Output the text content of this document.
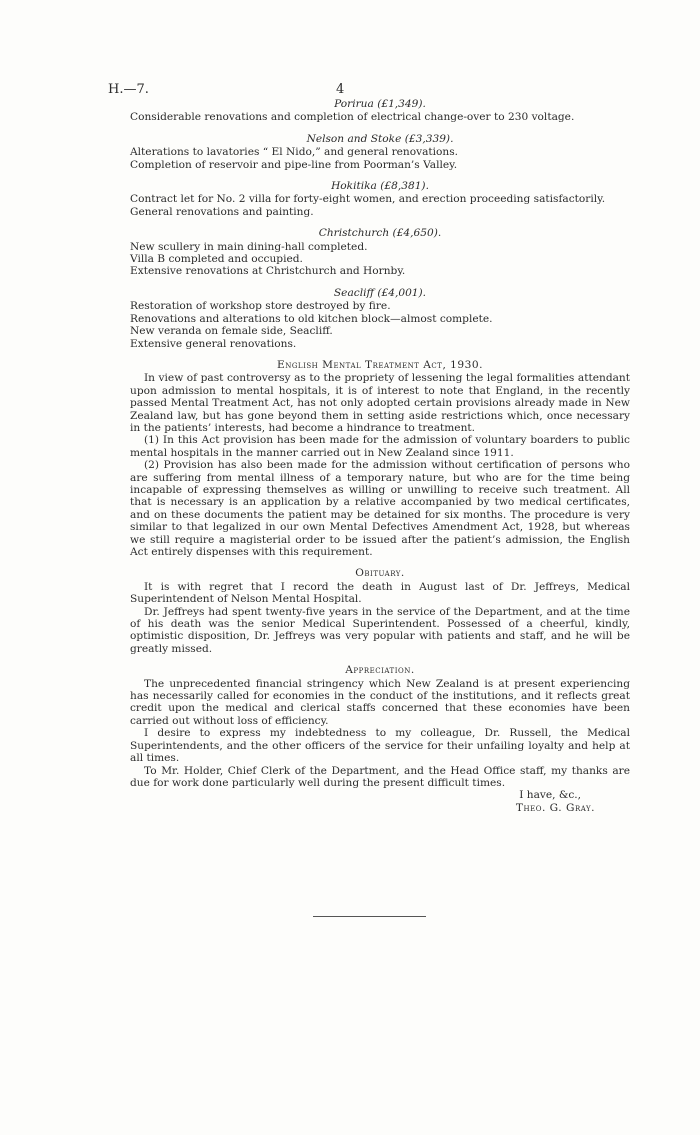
H.—7.	4
Porirua (£1,349).
Considerable renovations and completion of electrical change-over to 230 voltage.
Nelson and Stoke (£3,339).
Alterations to lavatories “ El Nido,” and general renovations.
Completion of reservoir and pipe-line from Poorman’s Valley.
Hokitika (£8,381).
Contract let for No. 2 villa for forty-eight women, and erection proceeding satisfactorily.
General renovations and painting.
Christchurch (£4,650).
New scullery in main dining-hall completed.
Villa B completed and occupied.
Extensive renovations at Christchurch and Hornby.
Seacliff (£4,001).
Restoration of workshop store destroyed by fire.
Renovations and alterations to old kitchen block—almost complete.
New veranda on female side, Seacliff.
Extensive general renovations.
English Mental Treatment Act, 1930.

In view of past controversy as to the propriety of lessening the legal formalities attendant upon admission to mental hospitals, it is of interest to note that England, in the recently passed Mental Treatment Act, has not only adopted certain provisions already made in New Zealand law, but has gone beyond them in setting aside restrictions which, once necessary in the patients’ interests, had become a hindrance to treatment.

(1) In this Act provision has been made for the admission of voluntary boarders to public mental hospitals in the manner carried out in New Zealand since 1911.

(2) Provision has also been made for the admission without certification of persons who are suffering from mental illness of a temporary nature, but who are for the time being incapable of expressing themselves as willing or unwilling to receive such treatment. All that is necessary is an application by a relative accompanied by two medical certificates, and on these documents the patient may be detained for six months. The procedure is very similar to that legalized in our own Mental Defectives Amendment Act, 1928, but whereas we still require a magisterial order to be issued after the patient’s admission, the English Act entirely dispenses with this requirement.

Obituary.

It is with regret that I record the death in August last of Dr. Jeffreys, Medical Superintendent of Nelson Mental Hospital.

Dr. Jeffreys had spent twenty-five years in the service of the Department, and at the time of his death was the senior Medical Superintendent. Possessed of a cheerful, kindly, optimistic disposition, Dr. Jeffreys was very popular with patients and staff, and he will be greatly missed.

Appreciation.

The unprecedented financial stringency which New Zealand is at present experiencing has necessarily called for economies in the conduct of the institutions, and it reflects great credit upon the medical and clerical staffs concerned that these economies have been carried out without loss of efficiency.

I desire to express my indebtedness to my colleague, Dr. Russell, the Medical Superintendents, and the other officers of the service for their unfailing loyalty and help at all times.

To Mr. Holder, Chief Clerk of the Department, and the Head Office staff, my thanks are due for work done particularly well during the present difficult times.

I have, &c.,
Theo. G. Gray.
